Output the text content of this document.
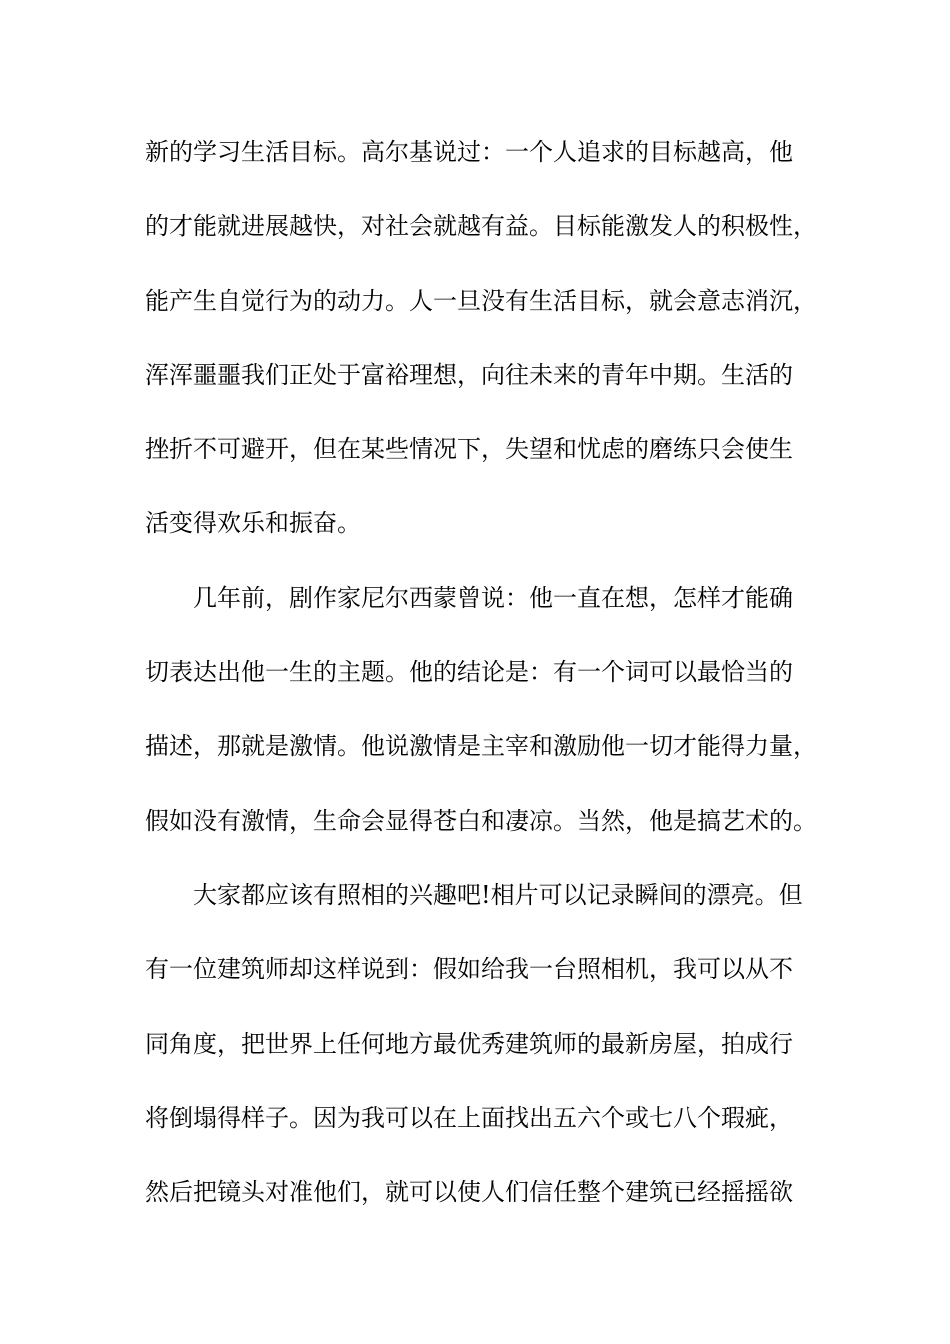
新的学习生活目标。高尔基说过：一个人追求的目标越高，他
的才能就进展越快，对社会就越有益。目标能激发人的积极性，
能产生自觉行为的动力。人一旦没有生活目标，就会意志消沉，
浑浑噩噩我们正处于富裕理想，向往未来的青年中期。生活的
挫折不可避开，但在某些情况下，失望和忧虑的磨练只会使生
活变得欢乐和振奋。
几年前，剧作家尼尔西蒙曾说：他一直在想，怎样才能确
切表达出他一生的主题。他的结论是：有一个词可以最恰当的
描述，那就是激情。他说激情是主宰和激励他一切才能得力量，
假如没有激情，生命会显得苍白和凄凉。当然，他是搞艺术的。
大家都应该有照相的兴趣吧!相片可以记录瞬间的漂亮。但
有一位建筑师却这样说到：假如给我一台照相机，我可以从不
同角度，把世界上任何地方最优秀建筑师的最新房屋，拍成行
将倒塌得样子。因为我可以在上面找出五六个或七八个瑕疵，
然后把镜头对准他们，就可以使人们信任整个建筑已经摇摇欲
